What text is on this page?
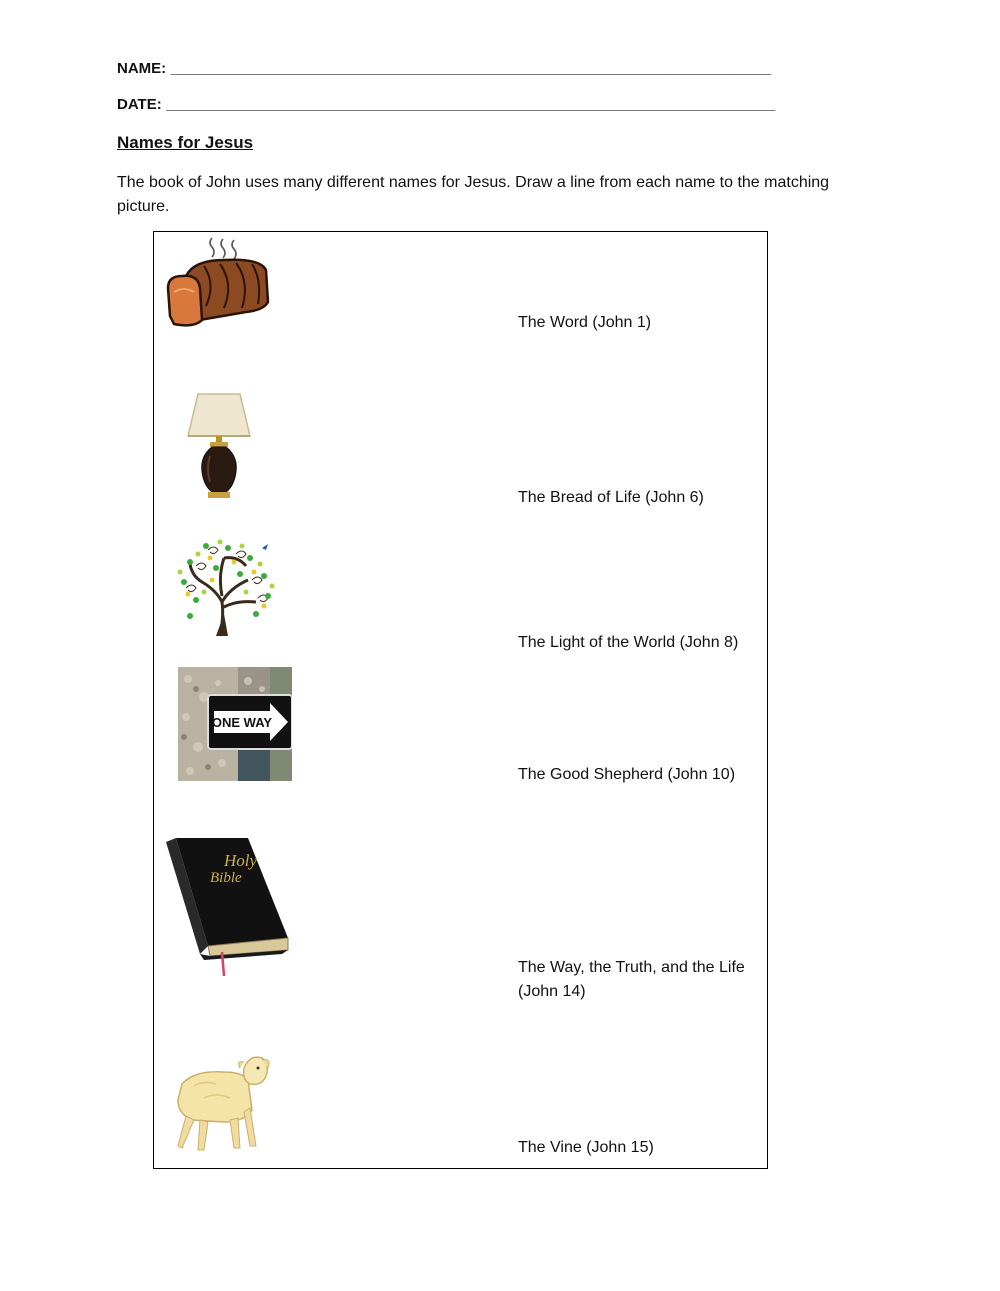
NAME: ________________________________________________________________________
DATE: _________________________________________________________________________
Names for Jesus
The book of John uses many different names for Jesus. Draw a line from each name to the matching picture.
ONE WAY
Holy
Bible
The Word (John 1)
The Bread of Life (John 6)
The Light of the World (John 8)
The Good Shepherd (John 10)
The Way, the Truth, and the Life (John 14)
The Vine (John 15)
